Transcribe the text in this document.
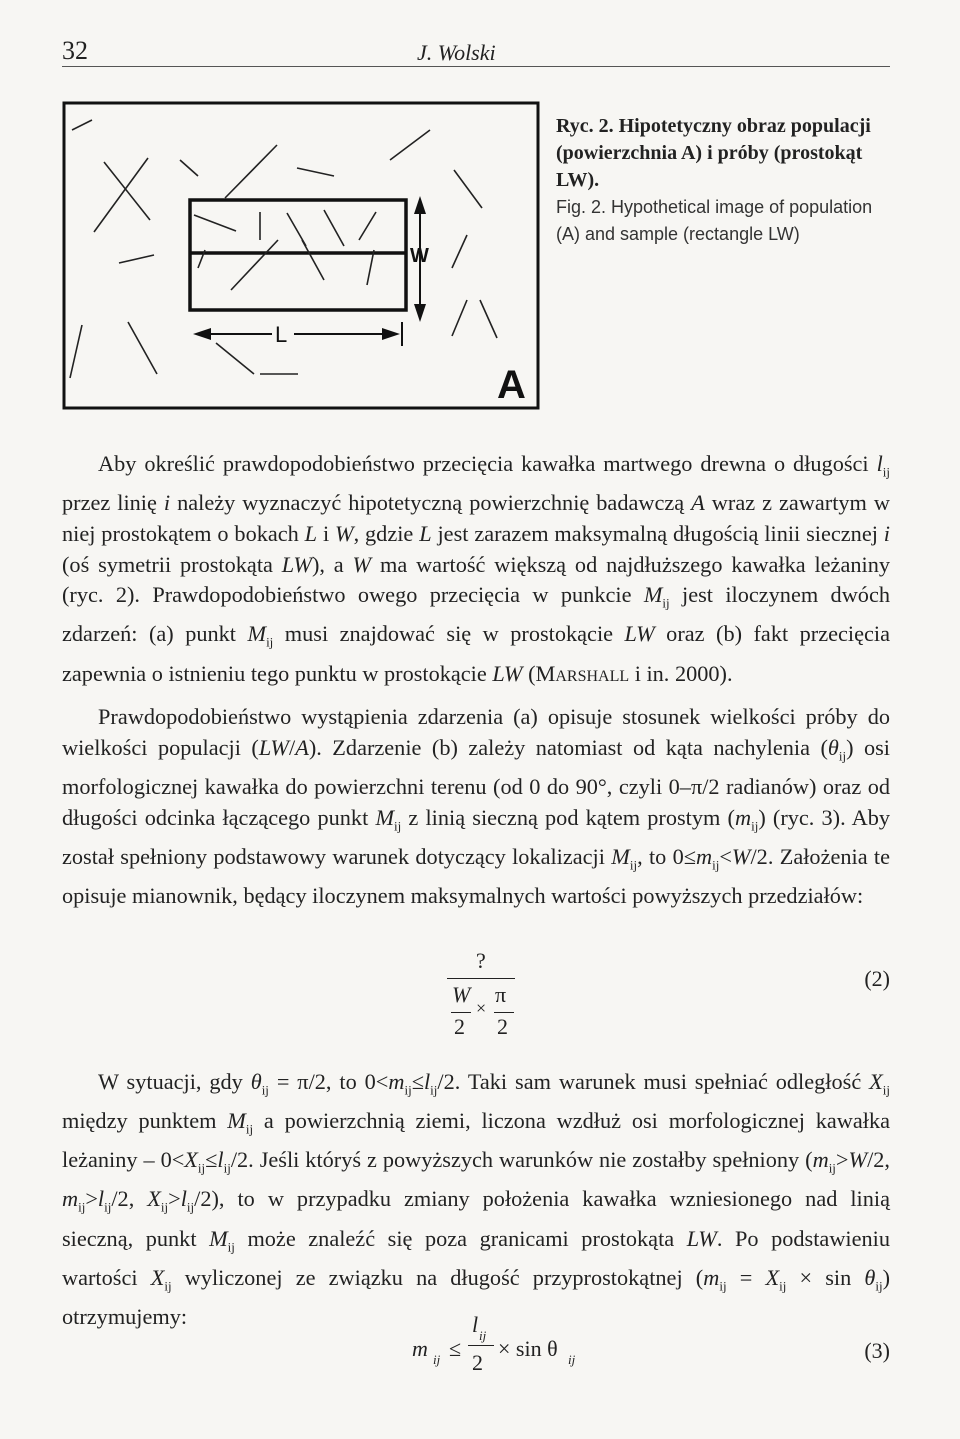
32	J. Wolski
W
L
A
Ryc. 2. Hipotetyczny obraz populacji (powierzchnia A) i próby (prostokąt LW).
Fig. 2. Hypothetical image of population (A) and sample (rectangle LW)

Aby określić prawdopodobieństwo przecięcia kawałka martwego drewna o długości $l_{ij}$ przez linię i należy wyznaczyć hipotetyczną powierzchnię badawczą A wraz z zawartym w niej prostokątem o bokach L i W, gdzie L jest zarazem maksymalną długością linii siecznej i (oś symetrii prostokąta LW), a W ma wartość większą od najdłuższego kawałka leżaniny (ryc. 2). Prawdopodobieństwo owego przecięcia w punkcie $M_{ij}$ jest iloczynem dwóch zdarzeń: (a) punkt $M_{ij}$ musi znajdować się w prostokącie LW oraz (b) fakt przecięcia zapewnia o istnieniu tego punktu w prostokącie LW (Marshall i in. 2000).

Prawdopodobieństwo wystąpienia zdarzenia (a) opisuje stosunek wielkości próby do wielkości populacji (LW/A). Zdarzenie (b) zależy natomiast od kąta nachylenia $(\theta_{ij})$ osi morfologicznej kawałka do powierzchni terenu (od 0 do 90°, czyli 0–π/2 radianów) oraz od długości odcinka łączącego punkt $M_{ij}$ z linią sieczną pod kątem prostym $(m_{ij})$ (ryc. 3). Aby został spełniony podstawowy warunek dotyczący lokalizacji $M_{ij}$, to $0\le m_{ij}<W/2$. Założenia te opisuje mianownik, będący iloczynem maksymalnych wartości powyższych przedziałów:

?
W
2
×
π
2
(2)

W sytuacji, gdy $\theta_{ij} = \pi/2$, to $0<m_{ij}\le l_{ij}/2$. Taki sam warunek musi spełniać odległość $X_{ij}$ między punktem $M_{ij}$ a powierzchnią ziemi, liczona wzdłuż osi morfologicznej kawałka leżaniny – $0<X_{ij}\le l_{ij}/2$. Jeśli któryś z powyższych warunków nie zostałby spełniony ($m_{ij}>W/2$, $m_{ij}>l_{ij}/2$, $X_{ij}>l_{ij}/2$), to w przypadku zmiany położenia kawałka wzniesionego nad linią sieczną, punkt $M_{ij}$ może znaleźć się poza granicami prostokąta LW. Po podstawieniu wartości $X_{ij}$ wyliczonej ze związku na długość przyprostokątnej $(m_{ij} = X_{ij} \times \sin \theta_{ij})$ otrzymujemy:

m ij ≤
l ij
2
× sin θ ij	(3)
